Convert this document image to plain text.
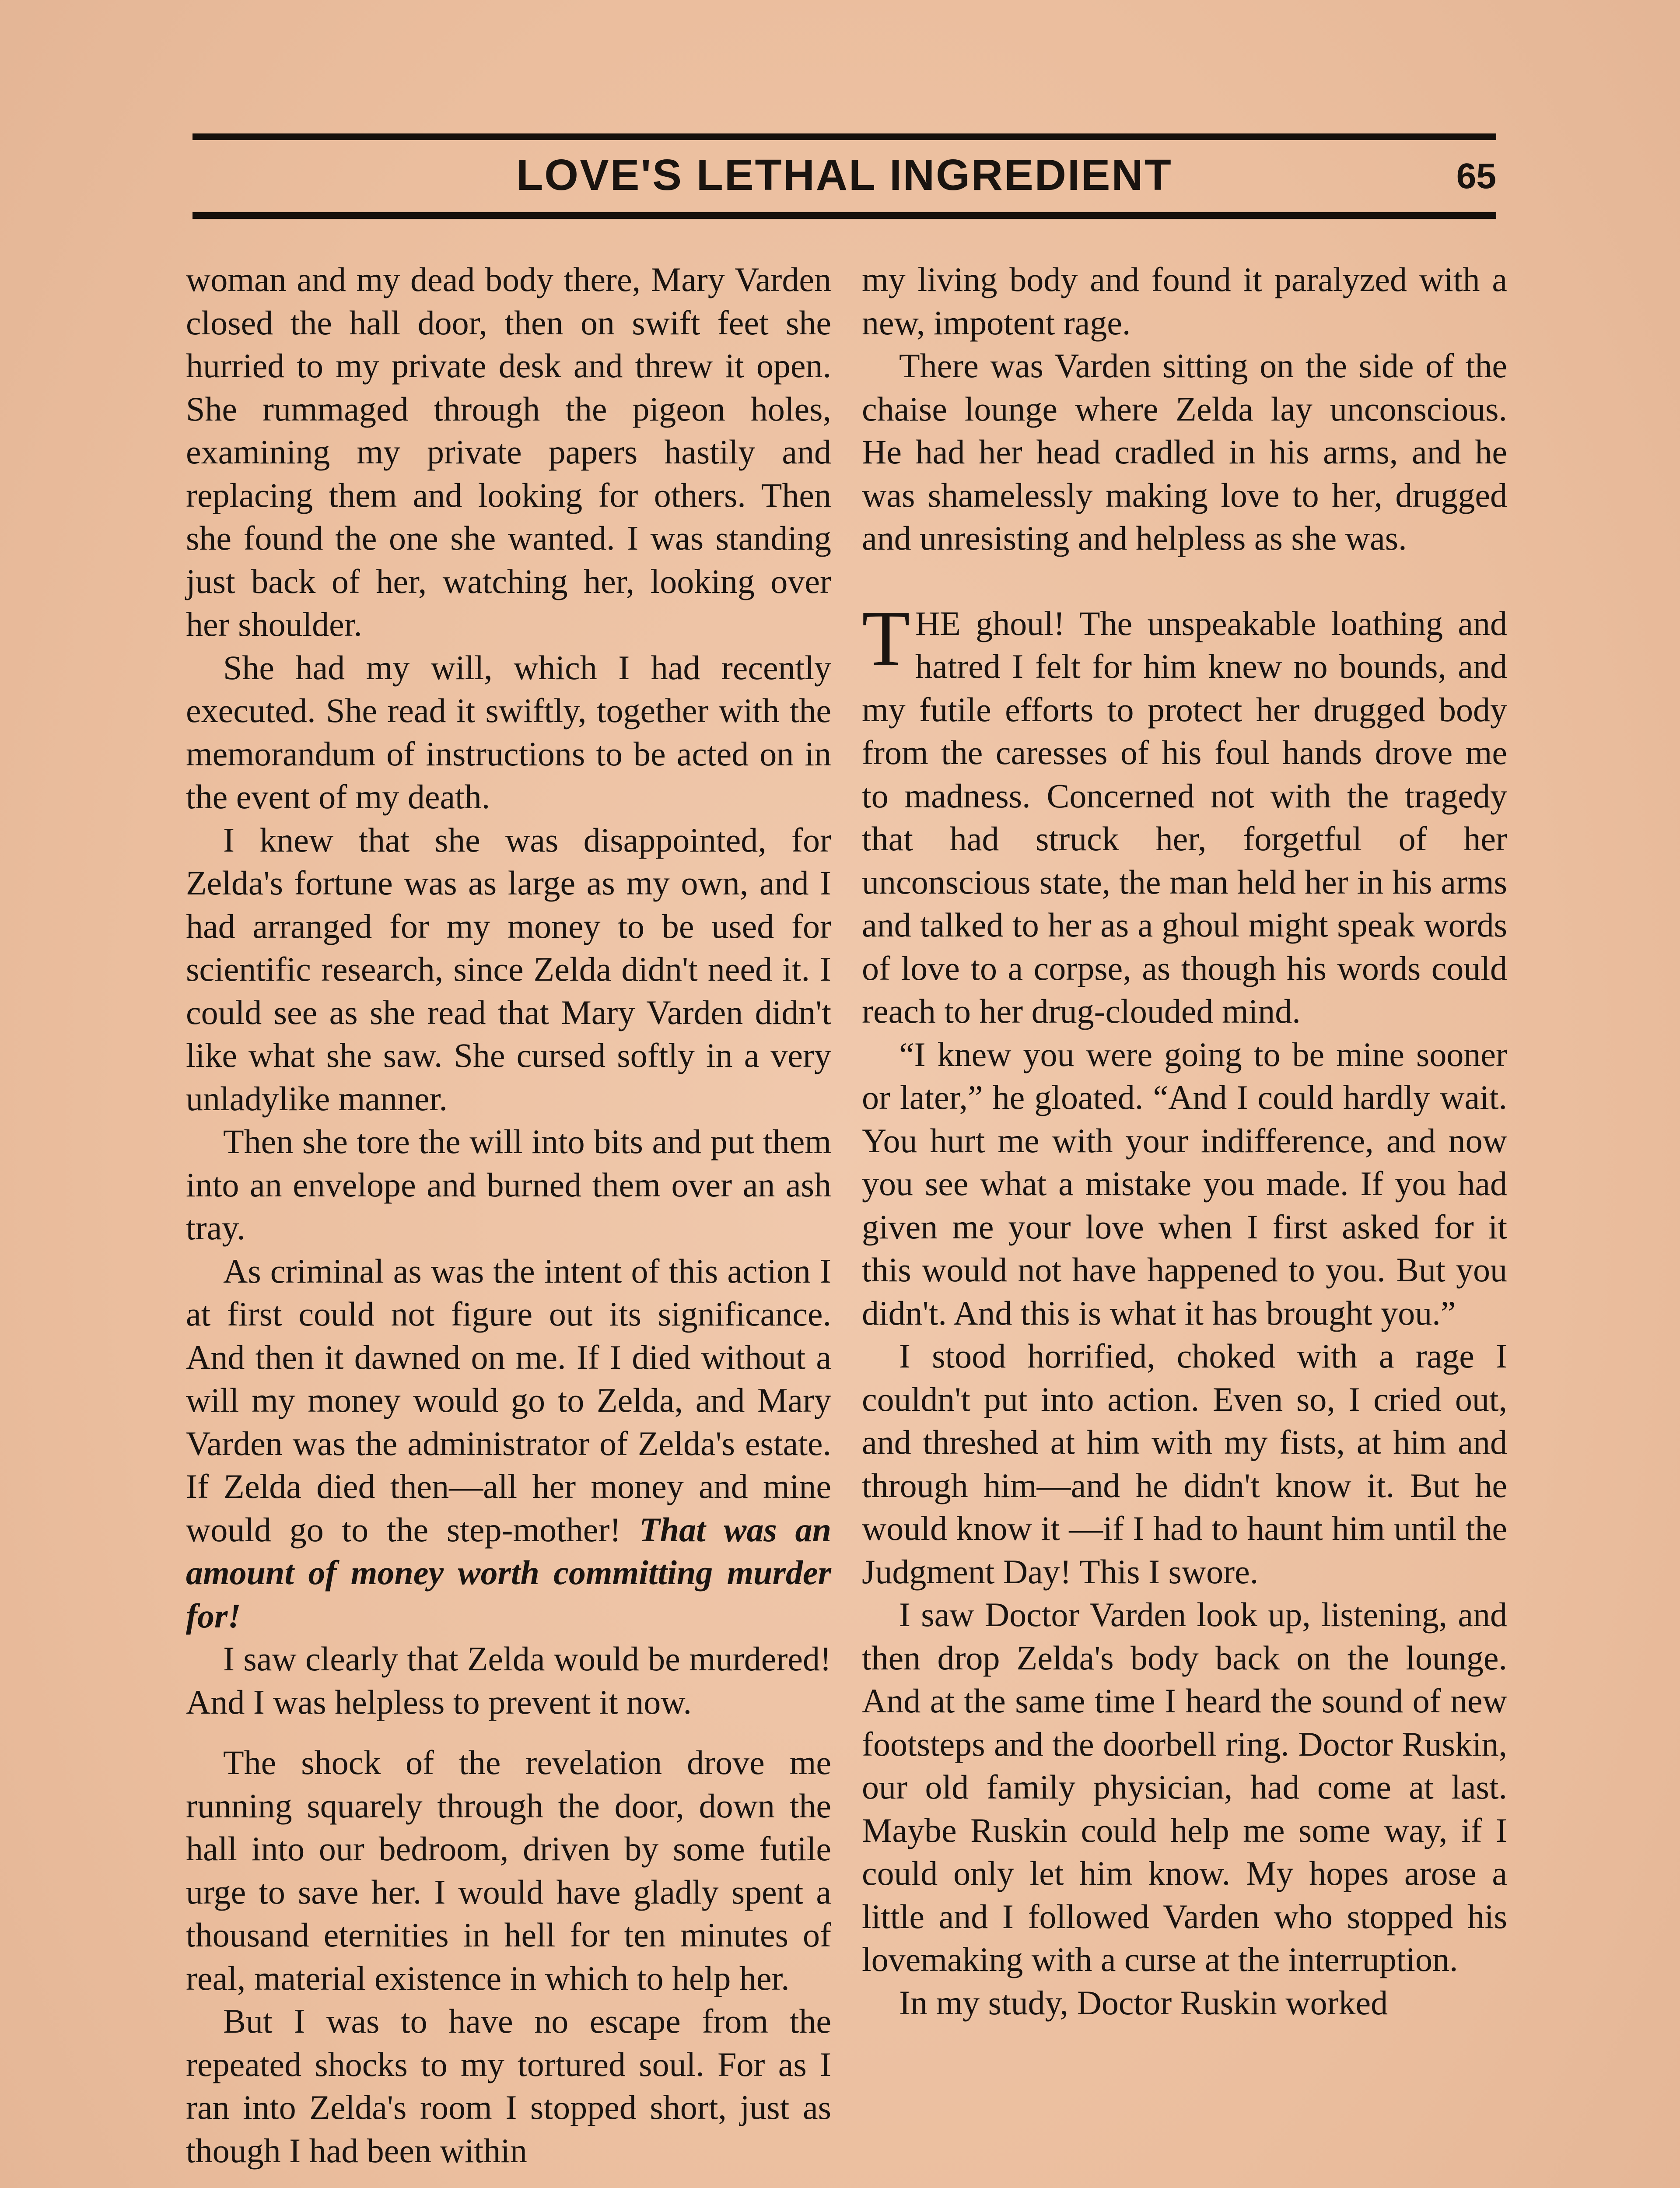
LOVE'S LETHAL INGREDIENT	65

woman and my dead body there, Mary Varden closed the hall door, then on swift feet she hurried to my private desk and threw it open. She rummaged through the pigeon holes, examining my private papers hastily and replacing them and looking for others. Then she found the one she wanted. I was standing just back of her, watching her, looking over her shoulder.

She had my will, which I had recently executed. She read it swiftly, together with the memorandum of instructions to be acted on in the event of my death.

I knew that she was disappointed, for Zelda's fortune was as large as my own, and I had arranged for my money to be used for scientific research, since Zelda didn't need it. I could see as she read that Mary Varden didn't like what she saw. She cursed softly in a very unladylike manner.

Then she tore the will into bits and put them into an envelope and burned them over an ash tray.

As criminal as was the intent of this action I at first could not figure out its significance. And then it dawned on me. If I died without a will my money would go to Zelda, and Mary Varden was the administrator of Zelda's estate. If Zelda died then—all her money and mine would go to the step-mother! That was an amount of money worth committing murder for!

I saw clearly that Zelda would be murdered! And I was helpless to prevent it now.

The shock of the revelation drove me running squarely through the door, down the hall into our bedroom, driven by some futile urge to save her. I would have gladly spent a thousand eternities in hell for ten minutes of real, material existence in which to help her.

But I was to have no escape from the repeated shocks to my tortured soul. For as I ran into Zelda's room I stopped short, just as though I had been within

my living body and found it paralyzed with a new, impotent rage.

There was Varden sitting on the side of the chaise lounge where Zelda lay unconscious. He had her head cradled in his arms, and he was shamelessly making love to her, drugged and unresisting and helpless as she was.

THE ghoul! The unspeakable loathing and hatred I felt for him knew no bounds, and my futile efforts to protect her drugged body from the caresses of his foul hands drove me to madness. Concerned not with the tragedy that had struck her, forgetful of her unconscious state, the man held her in his arms and talked to her as a ghoul might speak words of love to a corpse, as though his words could reach to her drug-clouded mind.

“I knew you were going to be mine sooner or later,” he gloated. “And I could hardly wait. You hurt me with your indifference, and now you see what a mistake you made. If you had given me your love when I first asked for it this would not have happened to you. But you didn't. And this is what it has brought you.”

I stood horrified, choked with a rage I couldn't put into action. Even so, I cried out, and threshed at him with my fists, at him and through him—and he didn't know it. But he would know it —if I had to haunt him until the Judgment Day! This I swore.

I saw Doctor Varden look up, listening, and then drop Zelda's body back on the lounge. And at the same time I heard the sound of new footsteps and the doorbell ring. Doctor Ruskin, our old family physician, had come at last. Maybe Ruskin could help me some way, if I could only let him know. My hopes arose a little and I followed Varden who stopped his lovemaking with a curse at the interruption.

In my study, Doctor Ruskin worked
